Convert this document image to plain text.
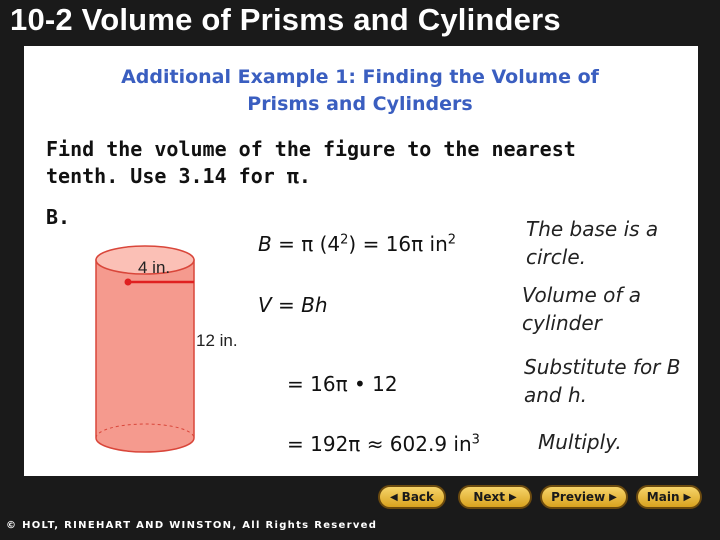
10-2 Volume of Prisms and Cylinders
Additional Example 1: Finding the Volume of
Prisms and Cylinders
Find the volume of the figure to the nearest
tenth. Use 3.14 for π.
B.
4 in.
12 in.
B = π $(4^2) = 16\pi$ $in^2$
V = Bh
= 16π • 12
= 192π ≈ 602.9 $in^3$
The base is a
circle.
Volume of a
cylinder
Substitute for B
and h.
Multiply.
◀ Back	Next ▶	Preview ▶ Main ▶
© HOLT, RINEHART AND WINSTON, All Rights Reserved
